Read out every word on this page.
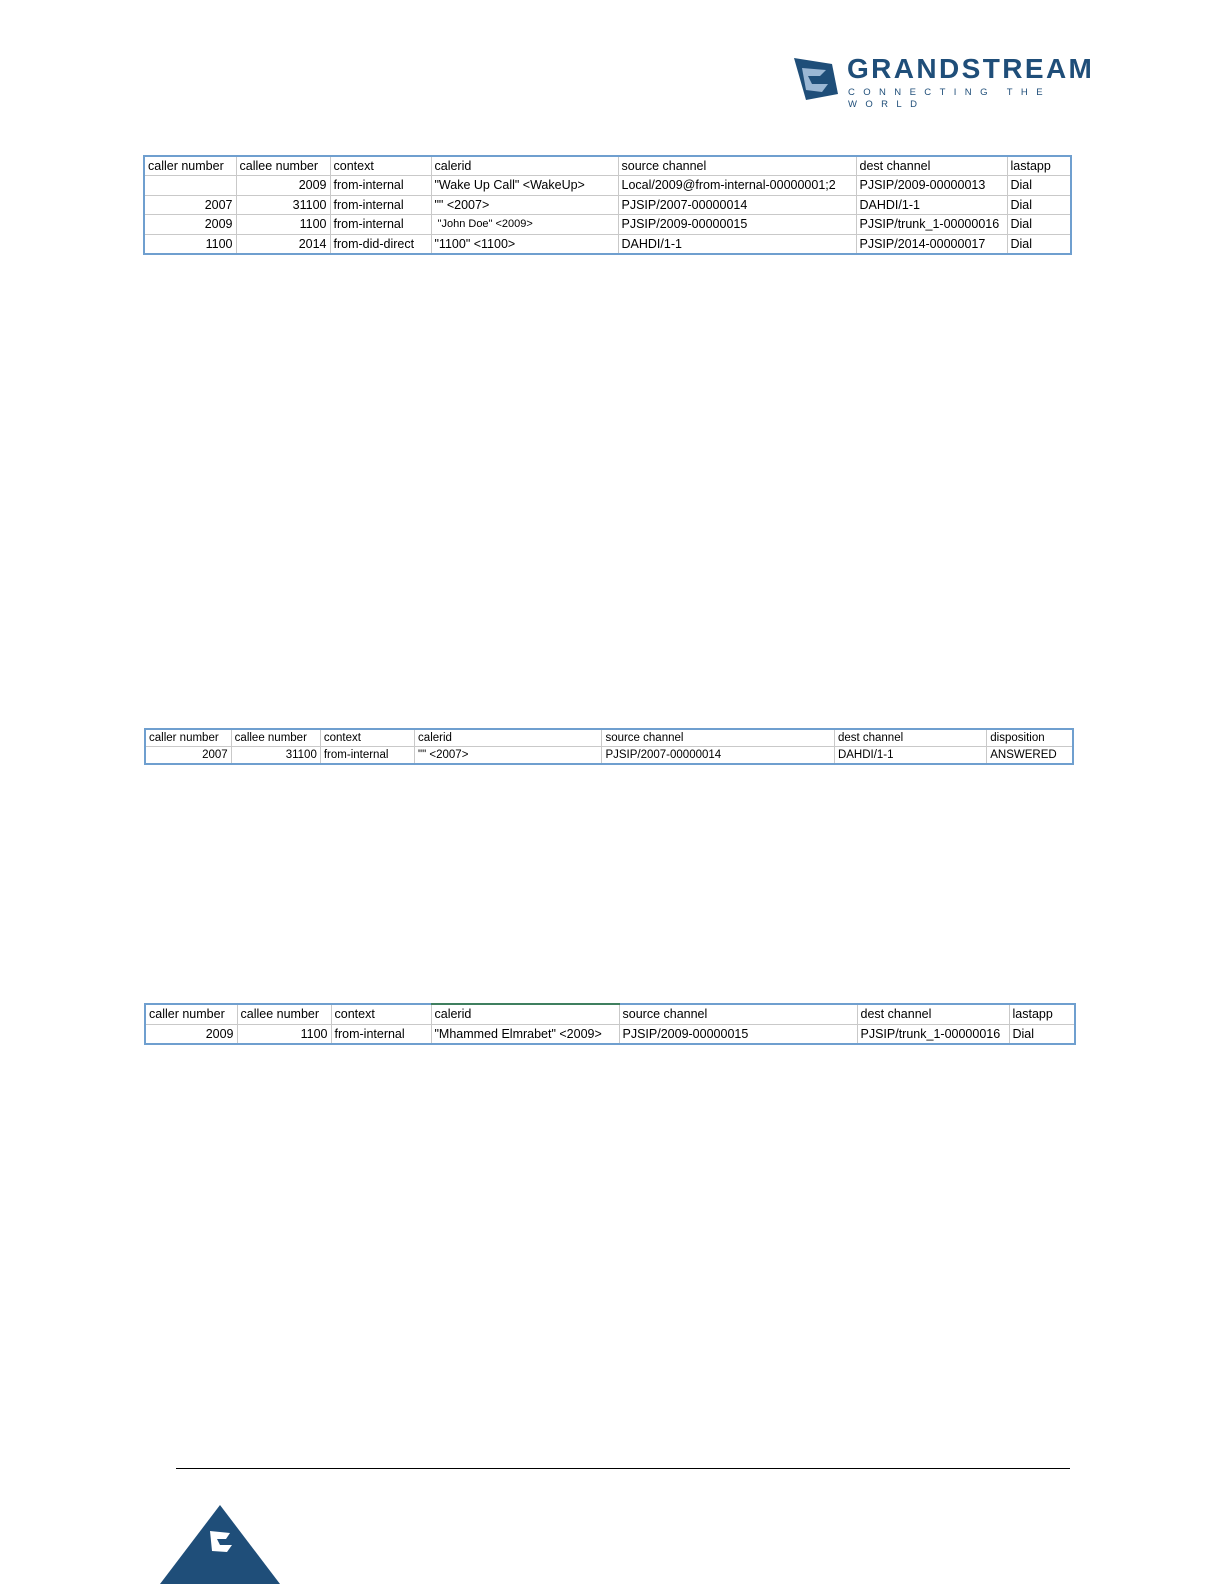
GRANDSTREAM
CONNECTING THE WORLD
caller number	callee number	context	calerid	source channel	dest channel	lastapp
	2009	from-internal	"Wake Up Call" <WakeUp>	Local/2009@from-internal-00000001;2	PJSIP/2009-00000013	Dial
2007	31100	from-internal	"" <2007>	PJSIP/2007-00000014	DAHDI/1-1	Dial
2009	1100	from-internal	"John Doe" <2009>	PJSIP/2009-00000015	PJSIP/trunk_1-00000016	Dial
1100	2014	from-did-direct	"1100" <1100>	DAHDI/1-1	PJSIP/2014-00000017	Dial
caller number	callee number	context	calerid	source channel	dest channel	disposition
2007	31100	from-internal	"" <2007>	PJSIP/2007-00000014	DAHDI/1-1	ANSWERED
caller number	callee number	context	calerid	source channel	dest channel	lastapp
2009	1100	from-internal	"Mhammed Elmrabet" <2009>	PJSIP/2009-00000015	PJSIP/trunk_1-00000016	Dial
